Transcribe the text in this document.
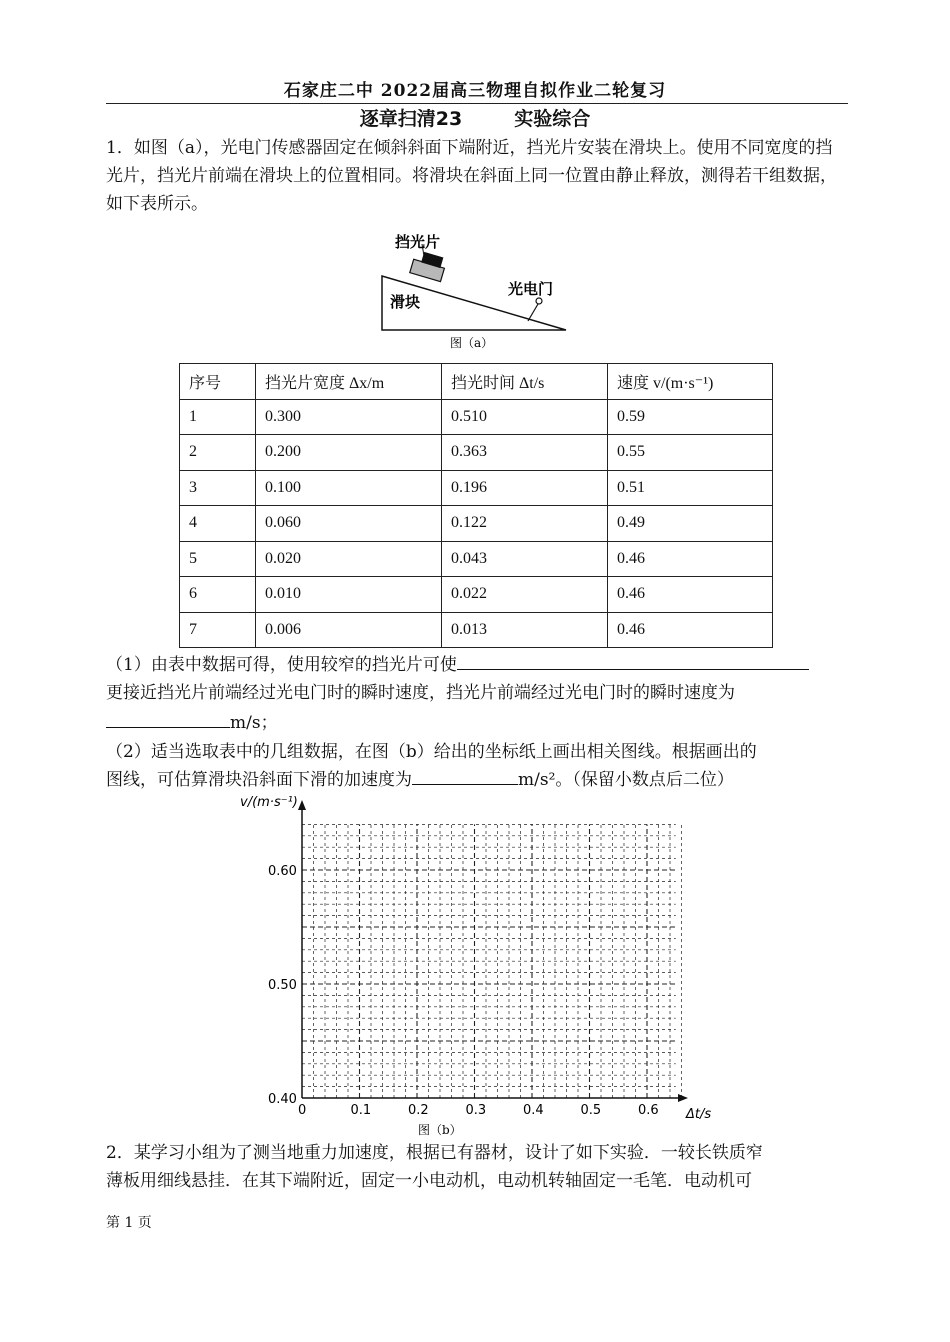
石家庄二中 2022届高三物理自拟作业二轮复习
逐章扫清23	实验综合
1．如图（a），光电门传感器固定在倾斜斜面下端附近，挡光片安装在滑块上。使用不同宽度的挡光片，挡光片前端在滑块上的位置相同。将滑块在斜面上同一位置由静止释放，测得若干组数据，如下表所示。
挡光片
滑块
光电门
图（a）
序号	挡光片宽度 Δx/m	挡光时间 Δt/s	速度 v/(m·s⁻¹)
1	0.300	0.510	0.59
2	0.200	0.363	0.55
3	0.100	0.196	0.51
4	0.060	0.122	0.49
5	0.020	0.043	0.46
6	0.010	0.022	0.46
7	0.006	0.013	0.46
（1）由表中数据可得，使用较窄的挡光片可使
更接近挡光片前端经过光电门时的瞬时速度，挡光片前端经过光电门时的瞬时速度为
m/s；
（2）适当选取表中的几组数据，在图（b）给出的坐标纸上画出相关图线。根据画出的
图线，可估算滑块沿斜面下滑的加速度为	m/s²。（保留小数点后二位）
0	0.1	0.2	0.3	0.4	0.5	0.6
0.40
0.50
0.60
v/(m·s⁻¹)
Δt/s
图（b）
2．某学习小组为了测当地重力加速度，根据已有器材，设计了如下实验．一较长铁质窄
薄板用细线悬挂．在其下端附近，固定一小电动机，电动机转轴固定一毛笔．电动机可
第 1 页
